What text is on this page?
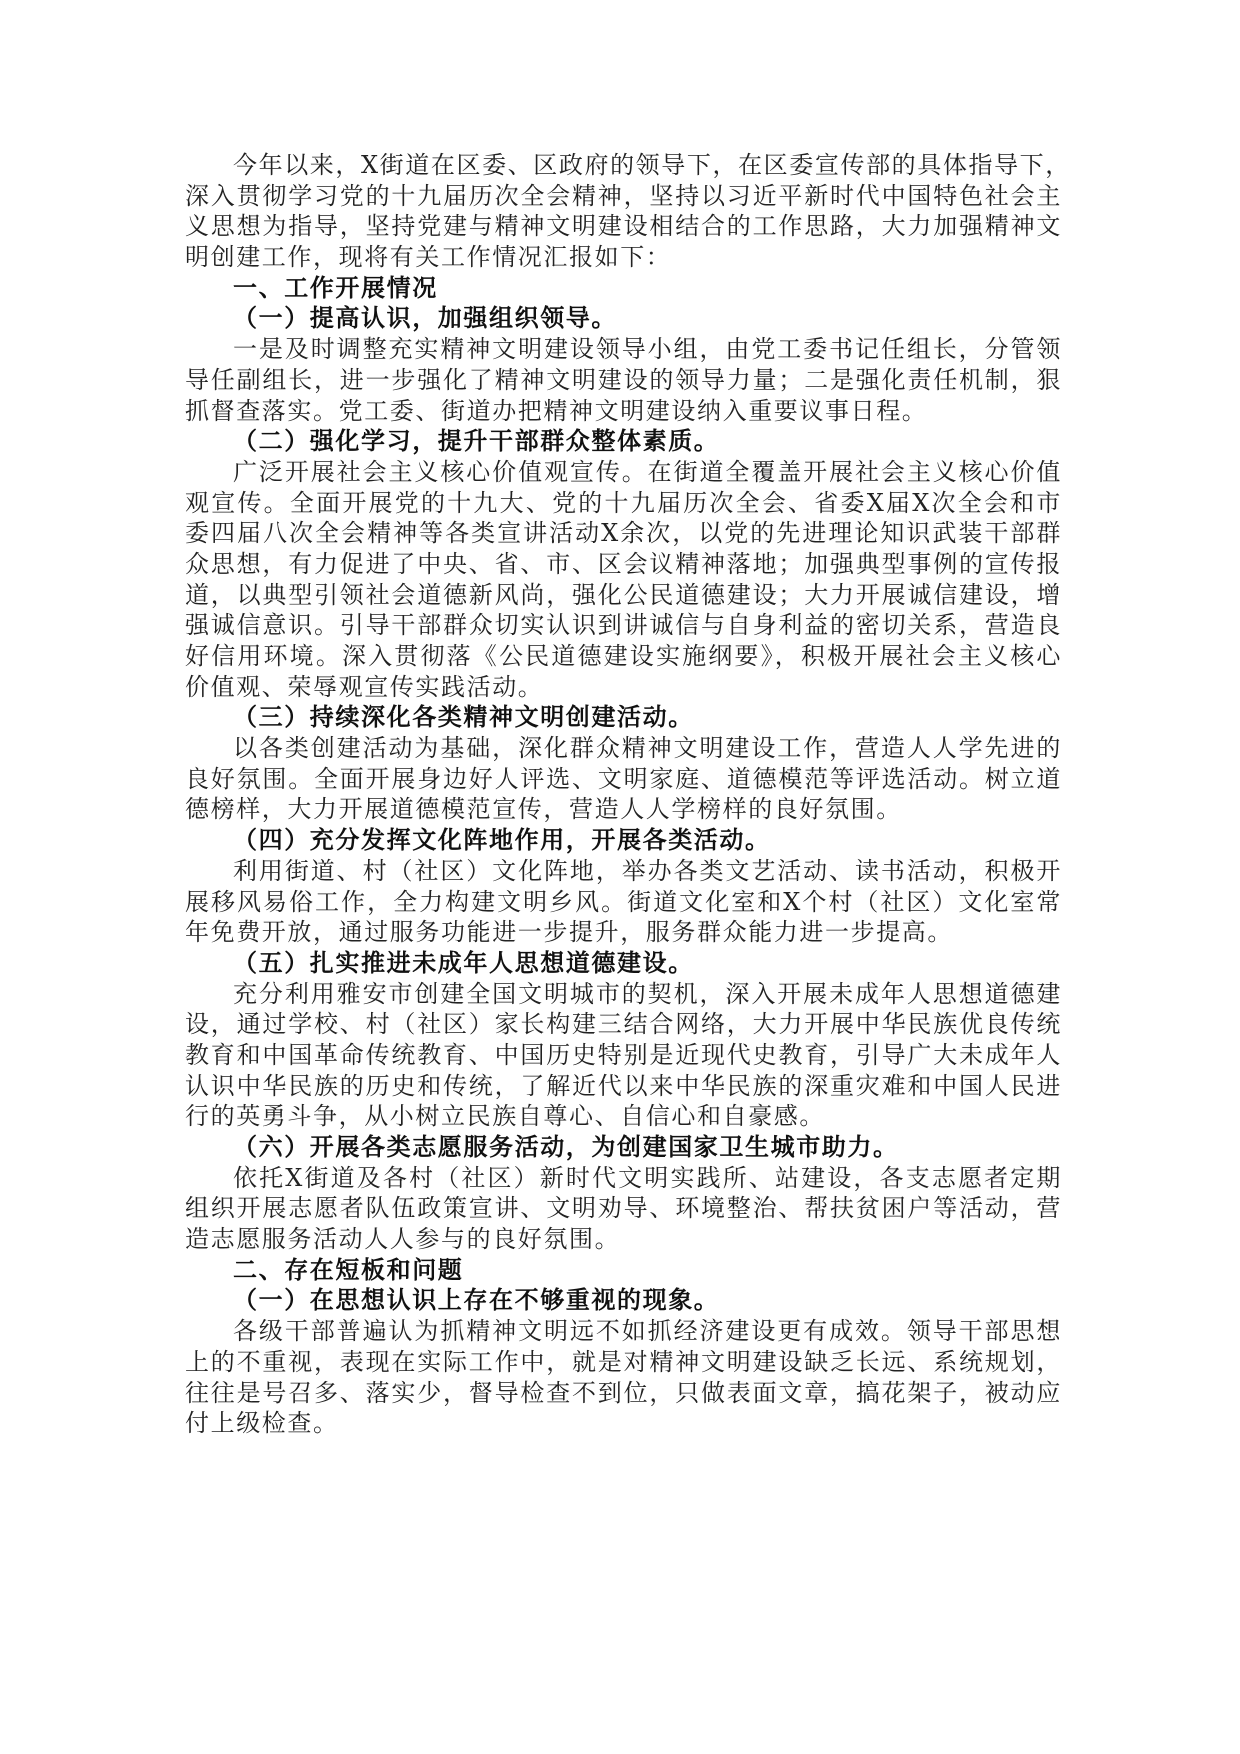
今年以来，X街道在区委、区政府的领导下，在区委宣传部的具体指导下，
深入贯彻学习党的十九届历次全会精神，坚持以习近平新时代中国特色社会主
义思想为指导，坚持党建与精神文明建设相结合的工作思路，大力加强精神文
明创建工作，现将有关工作情况汇报如下：
一、工作开展情况
（一）提高认识，加强组织领导。
一是及时调整充实精神文明建设领导小组，由党工委书记任组长，分管领
导任副组长，进一步强化了精神文明建设的领导力量；二是强化责任机制，狠
抓督查落实。党工委、街道办把精神文明建设纳入重要议事日程。
（二）强化学习，提升干部群众整体素质。
广泛开展社会主义核心价值观宣传。在街道全覆盖开展社会主义核心价值
观宣传。全面开展党的十九大、党的十九届历次全会、省委X届X次全会和市
委四届八次全会精神等各类宣讲活动X余次，以党的先进理论知识武装干部群
众思想，有力促进了中央、省、市、区会议精神落地；加强典型事例的宣传报
道，以典型引领社会道德新风尚，强化公民道德建设；大力开展诚信建设，增
强诚信意识。引导干部群众切实认识到讲诚信与自身利益的密切关系，营造良
好信用环境。深入贯彻落《公民道德建设实施纲要》，积极开展社会主义核心
价值观、荣辱观宣传实践活动。
（三）持续深化各类精神文明创建活动。
以各类创建活动为基础，深化群众精神文明建设工作，营造人人学先进的
良好氛围。全面开展身边好人评选、文明家庭、道德模范等评选活动。树立道
德榜样，大力开展道德模范宣传，营造人人学榜样的良好氛围。
（四）充分发挥文化阵地作用，开展各类活动。
利用街道、村（社区）文化阵地，举办各类文艺活动、读书活动，积极开
展移风易俗工作，全力构建文明乡风。街道文化室和X个村（社区）文化室常
年免费开放，通过服务功能进一步提升，服务群众能力进一步提高。
（五）扎实推进未成年人思想道德建设。
充分利用雅安市创建全国文明城市的契机，深入开展未成年人思想道德建
设，通过学校、村（社区）家长构建三结合网络，大力开展中华民族优良传统
教育和中国革命传统教育、中国历史特别是近现代史教育，引导广大未成年人
认识中华民族的历史和传统，了解近代以来中华民族的深重灾难和中国人民进
行的英勇斗争，从小树立民族自尊心、自信心和自豪感。
（六）开展各类志愿服务活动，为创建国家卫生城市助力。
依托X街道及各村（社区）新时代文明实践所、站建设，各支志愿者定期
组织开展志愿者队伍政策宣讲、文明劝导、环境整治、帮扶贫困户等活动，营
造志愿服务活动人人参与的良好氛围。
二、存在短板和问题
（一）在思想认识上存在不够重视的现象。
各级干部普遍认为抓精神文明远不如抓经济建设更有成效。领导干部思想
上的不重视，表现在实际工作中，就是对精神文明建设缺乏长远、系统规划，
往往是号召多、落实少，督导检查不到位，只做表面文章，搞花架子，被动应
付上级检查。
